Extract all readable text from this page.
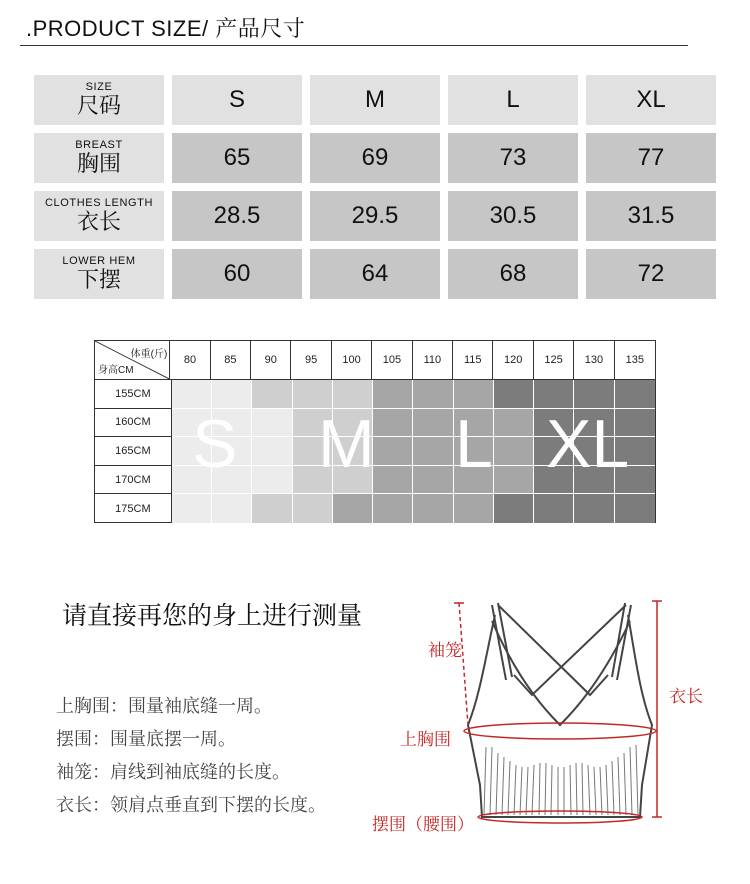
.PRODUCT SIZE/ 产品尺寸
SIZE
尺码	S	M	L	XL
BREAST
胸围	65	69	73	77
CLOTHES LENGTH
衣长	28.5	29.5	30.5	31.5
LOWER HEM
下摆	60	64	68	72
体重(斤)
身高CM
80	85	90	95	100	105	110	115	120	125	130	135
155CM
160CM
165CM
170CM
175CM
S M L XL
请直接再您的身上进行测量
上胸围：围量袖底缝一周。
摆围：围量底摆一周。
袖笼：肩线到袖底缝的长度。
衣长：领肩点垂直到下摆的长度。
袖笼
衣长
上胸围
摆围（腰围）
